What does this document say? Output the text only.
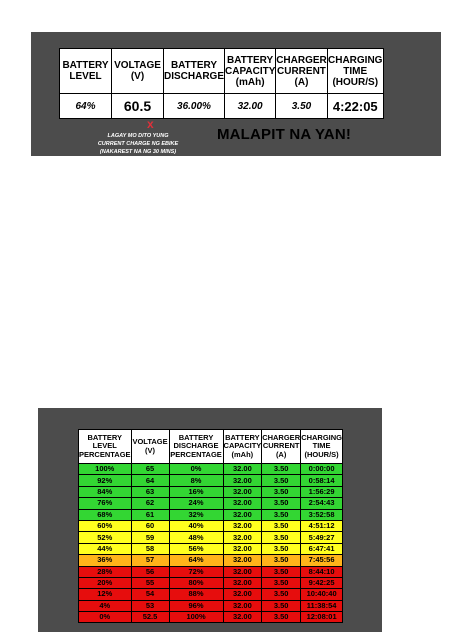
BATTERY LEVEL	VOLTAGE (V)	BATTERY DISCHARGE	BATTERY CAPACITY (mAh)	CHARGER CURRENT (A)	CHARGING TIME (HOUR/S)
64%	60.5	36.00%	32.00	3.50	4:22:05
x
LAGAY MO DITO YUNG
CURRENT CHARGE NG EBIKE
(NAKAREST NA NG 30 MINS)
MALAPIT NA YAN!
BATTERY LEVEL PERCENTAGE	VOLTAGE (V)	BATTERY DISCHARGE PERCENTAGE	BATTERY CAPACITY (mAh)	CHARGER CURRENT (A)	CHARGING TIME (HOUR/S)
100%	65	0%	32.00	3.50	0:00:00
92%	64	8%	32.00	3.50	0:58:14
84%	63	16%	32.00	3.50	1:56:29
76%	62	24%	32.00	3.50	2:54:43
68%	61	32%	32.00	3.50	3:52:58
60%	60	40%	32.00	3.50	4:51:12
52%	59	48%	32.00	3.50	5:49:27
44%	58	56%	32.00	3.50	6:47:41
36%	57	64%	32.00	3.50	7:45:56
28%	56	72%	32.00	3.50	8:44:10
20%	55	80%	32.00	3.50	9:42:25
12%	54	88%	32.00	3.50	10:40:40
4%	53	96%	32.00	3.50	11:38:54
0%	52.5	100%	32.00	3.50	12:08:01
